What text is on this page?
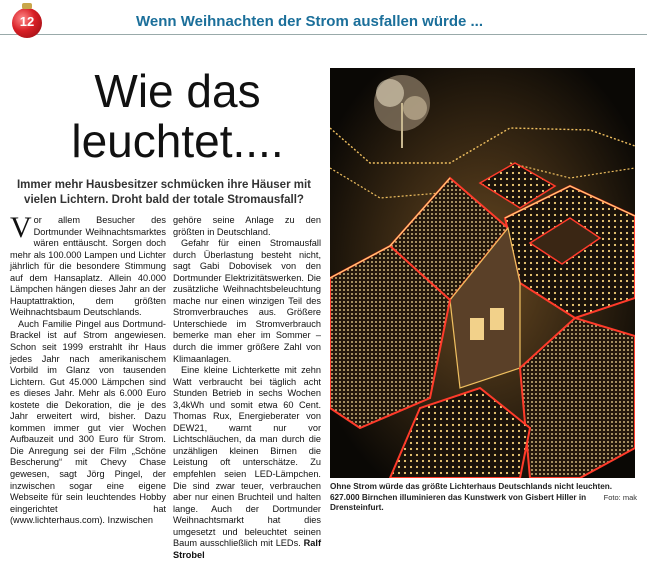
12	Wenn Weihnachten der Strom ausfallen würde ...
Wie das
leuchtet....
Immer mehr Hausbesitzer schmücken ihre Häuser mit vielen Lichtern. Droht bald der totale Stromausfall?

Vor allem Besucher des Dortmunder Weihnachtsmarktes wären enttäuscht. Sorgen doch mehr als 100.000 Lampen und Lichter jährlich für die besondere Stimmung auf dem Hansaplatz. Allein 40.000 Lämpchen hängen dieses Jahr an der Hauptattraktion, dem größten Weihnachtsbaum Deutschlands.

Auch Familie Pingel aus Dortmund-Brackel ist auf Strom angewiesen. Schon seit 1999 erstrahlt ihr Haus jedes Jahr nach amerikanischem Vorbild im Glanz von tausenden Lichtern. Gut 45.000 Lämpchen sind es dieses Jahr. Mehr als 6.000 Euro kostete die Dekoration, die je des Jahr erweitert wird, bisher. Dazu kommen immer gut vier Wochen Aufbauzeit und 300 Euro für Strom. Die Anregung sei der Film „Schöne Bescherung“ mit Chevy Chase gewesen, sagt Jörg Pingel, der inzwischen sogar eine eigene Webseite für sein leuchtendes Hobby eingerichtet hat (www.lichterhaus.com). Inzwischen

gehöre seine Anlage zu den größten in Deutschland.

Gefahr für einen Stromausfall durch Überlastung besteht nicht, sagt Gabi Dobovisek von den Dortmunder Elektrizitätswerken. Die zusätzliche Weihnachtsbeleuchtung mache nur einen winzigen Teil des Stromverbrauches aus. Größere Unterschiede im Stromverbrauch bemerke man eher im Sommer – durch die immer größere Zahl von Klimaanlagen.

Eine kleine Lichterkette mit zehn Watt verbraucht bei täglich acht Stunden Betrieb in sechs Wochen 3,4kWh und somit etwa 60 Cent. Thomas Rux, Energieberater von DEW21, warnt nur vor Lichtschläuchen, da man durch die unzähligen kleinen Birnen die Leistung oft unterschätze. Zu empfehlen seien LED-Lämpchen. Die sind zwar teuer, verbrauchen aber nur einen Bruchteil und halten lange. Auch der Dortmunder Weihnachtsmarkt hat dies umgesetzt und beleuchtet seinen Baum ausschließlich mit LEDs. Ralf Strobel

Ohne Strom würde das größte Lichterhaus Deutschlands nicht leuchten. 627.000 Birnchen illuminieren das Kunstwerk von Gisbert Hiller in Drensteinfurt.
Foto: mak
